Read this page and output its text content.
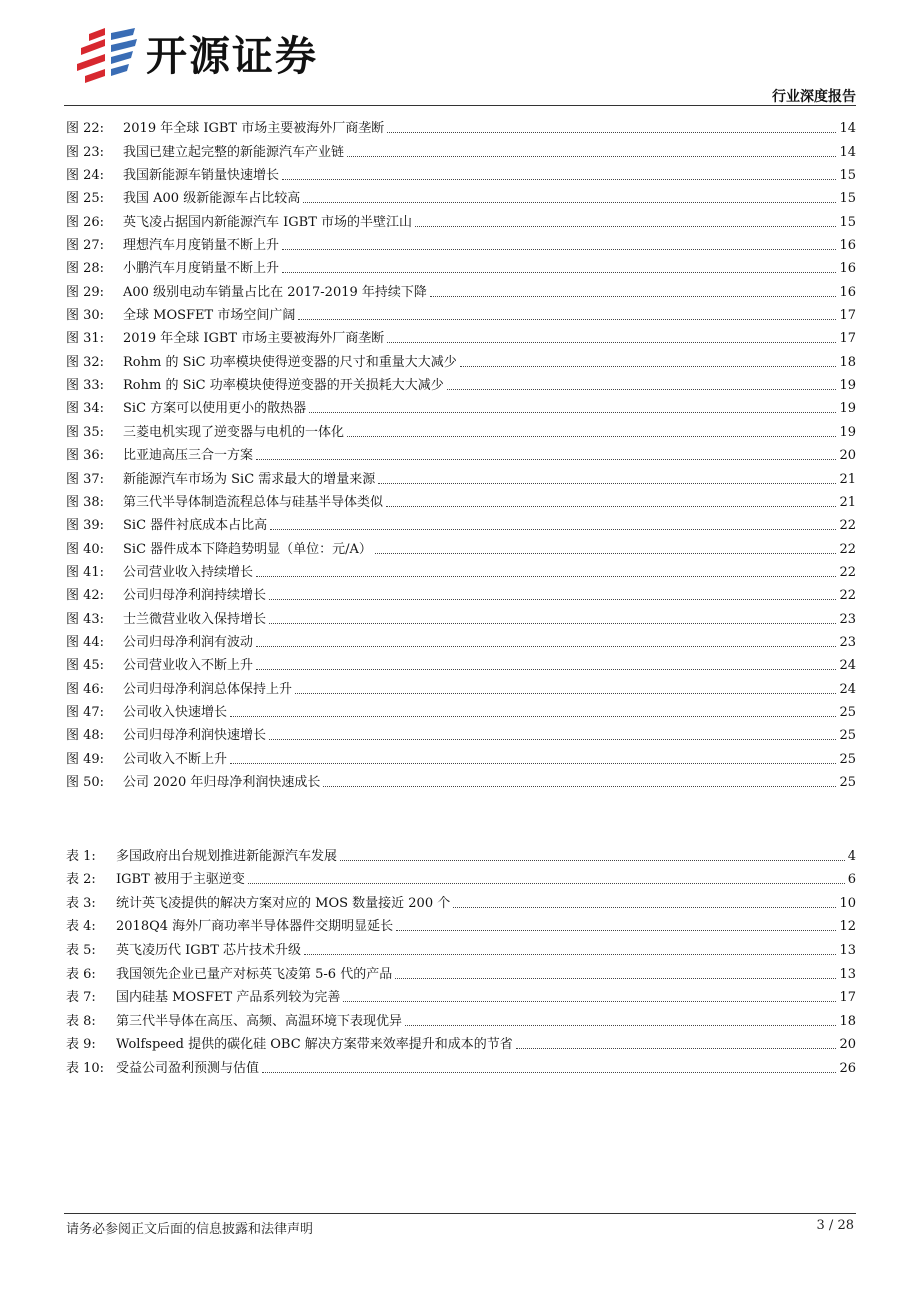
开源证券
行业深度报告
图 22:	2019 年全球 IGBT 市场主要被海外厂商垄断	14
图 23:	我国已建立起完整的新能源汽车产业链	14
图 24:	我国新能源车销量快速增长	15
图 25:	我国 A00 级新能源车占比较高	15
图 26:	英飞凌占据国内新能源汽车 IGBT 市场的半壁江山	15
图 27:	理想汽车月度销量不断上升	16
图 28:	小鹏汽车月度销量不断上升	16
图 29:	A00 级别电动车销量占比在 2017-2019 年持续下降	16
图 30:	全球 MOSFET 市场空间广阔	17
图 31:	2019 年全球 IGBT 市场主要被海外厂商垄断	17
图 32:	Rohm 的 SiC 功率模块使得逆变器的尺寸和重量大大减少	18
图 33:	Rohm 的 SiC 功率模块使得逆变器的开关损耗大大减少	19
图 34:	SiC 方案可以使用更小的散热器	19
图 35:	三菱电机实现了逆变器与电机的一体化	19
图 36:	比亚迪高压三合一方案	20
图 37:	新能源汽车市场为 SiC 需求最大的增量来源	21
图 38:	第三代半导体制造流程总体与硅基半导体类似	21
图 39:	SiC 器件衬底成本占比高	22
图 40:	SiC 器件成本下降趋势明显（单位：元/A）	22
图 41:	公司营业收入持续增长	22
图 42:	公司归母净利润持续增长	22
图 43:	士兰微营业收入保持增长	23
图 44:	公司归母净利润有波动	23
图 45:	公司营业收入不断上升	24
图 46:	公司归母净利润总体保持上升	24
图 47:	公司收入快速增长	25
图 48:	公司归母净利润快速增长	25
图 49:	公司收入不断上升	25
图 50:	公司 2020 年归母净利润快速成长	25
表 1:	多国政府出台规划推进新能源汽车发展	4
表 2:	IGBT 被用于主驱逆变	6
表 3:	统计英飞凌提供的解决方案对应的 MOS 数量接近 200 个	10
表 4:	2018Q4 海外厂商功率半导体器件交期明显延长	12
表 5:	英飞凌历代 IGBT 芯片技术升级	13
表 6:	我国领先企业已量产对标英飞凌第 5-6 代的产品	13
表 7:	国内硅基 MOSFET 产品系列较为完善	17
表 8:	第三代半导体在高压、高频、高温环境下表现优异	18
表 9:	Wolfspeed 提供的碳化硅 OBC 解决方案带来效率提升和成本的节省	20
表 10: 受益公司盈利预测与估值	26
请务必参阅正文后面的信息披露和法律声明	3 / 28
